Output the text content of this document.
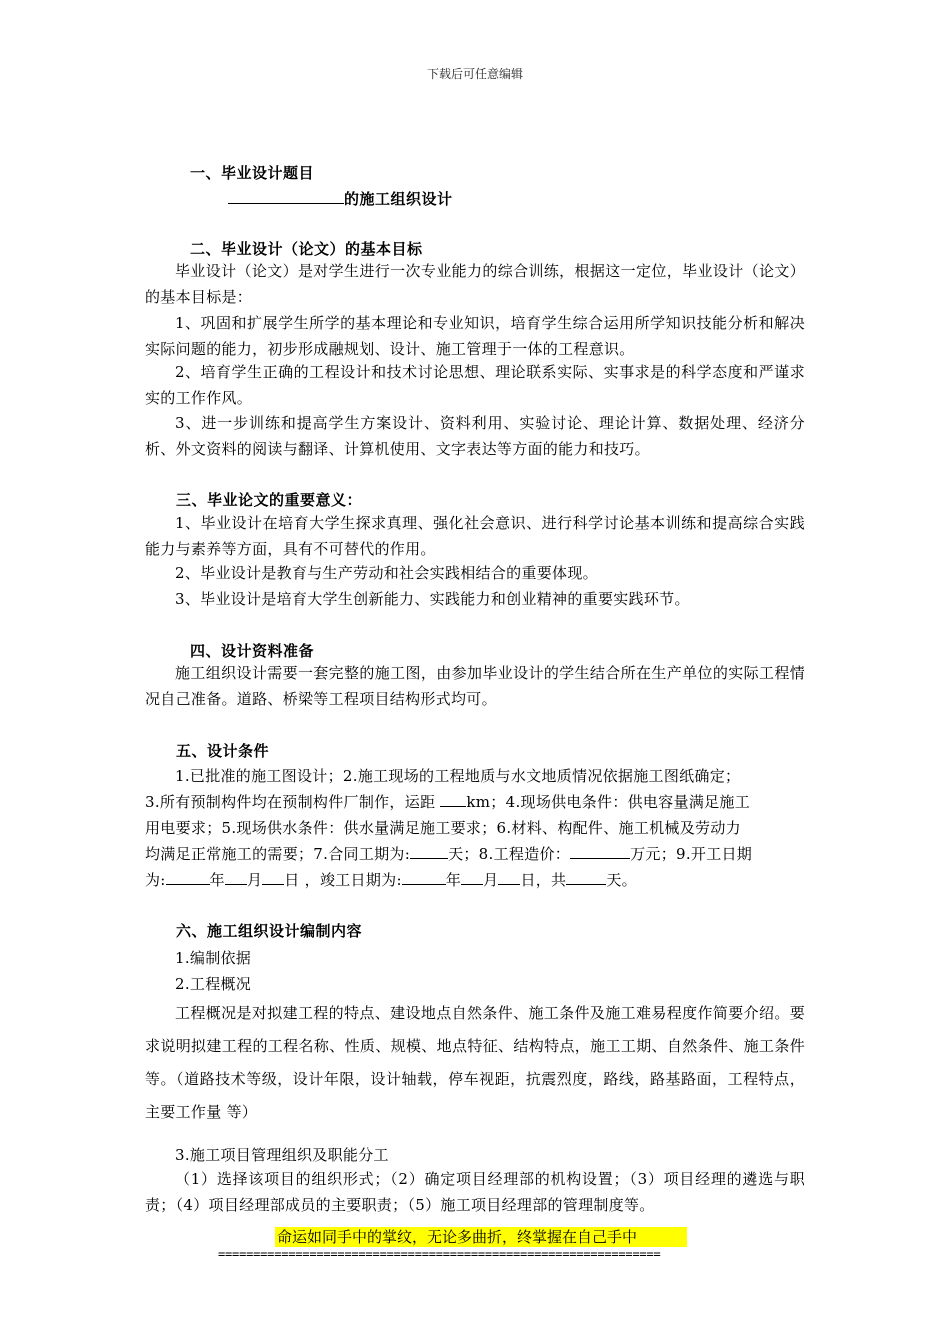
下载后可任意编辑
一、毕业设计题目
的施工组织设计
二、毕业设计（论文）的基本目标
毕业设计（论文）是对学生进行一次专业能力的综合训练，根据这一定位，毕业设计（论文）的基本目标是：
1、巩固和扩展学生所学的基本理论和专业知识，培育学生综合运用所学知识技能分析和解决实际问题的能力，初步形成融规划、设计、施工管理于一体的工程意识。
2、培育学生正确的工程设计和技术讨论思想、理论联系实际、实事求是的科学态度和严谨求实的工作作风。
3、进一步训练和提高学生方案设计、资料利用、实验讨论、理论计算、数据处理、经济分析、外文资料的阅读与翻译、计算机使用、文字表达等方面的能力和技巧。
三、毕业论文的重要意义：
1、毕业设计在培育大学生探求真理、强化社会意识、进行科学讨论基本训练和提高综合实践能力与素养等方面，具有不可替代的作用。
2、毕业设计是教育与生产劳动和社会实践相结合的重要体现。
3、毕业设计是培育大学生创新能力、实践能力和创业精神的重要实践环节。
四、设计资料准备
施工组织设计需要一套完整的施工图，由参加毕业设计的学生结合所在生产单位的实际工程情况自己准备。道路、桥梁等工程项目结构形式均可。
五、设计条件
1.已批准的施工图设计；2.施工现场的工程地质与水文地质情况依据施工图纸确定；
3.所有预制构件均在预制构件厂制作，运距 km；4.现场供电条件：供电容量满足施工
用电要求；5.现场供水条件：供水量满足施工要求；6.材料、构配件、施工机械及劳动力
均满足正常施工的需要；7.合同工期为:	天；8.工程造价：	万元；9.开工日期
为:	年 月 日 ，竣工日期为:	年 月 日，共	天。
六、施工组织设计编制内容
1.编制依据
2.工程概况
工程概况是对拟建工程的特点、建设地点自然条件、施工条件及施工难易程度作简要介绍。要求说明拟建工程的工程名称、性质、规模、地点特征、结构特点，施工工期、自然条件、施工条件等。（道路技术等级，设计年限，设计轴载，停车视距，抗震烈度，路线，路基路面，工程特点，主要工作量 等）
3.施工项目管理组织及职能分工
（1）选择该项目的组织形式；（2）确定项目经理部的机构设置；（3）项目经理的遴选与职责；（4）项目经理部成员的主要职责；（5）施工项目经理部的管理制度等。
命运如同手中的掌纹，无论多曲折，终掌握在自己手中
===============================================================
